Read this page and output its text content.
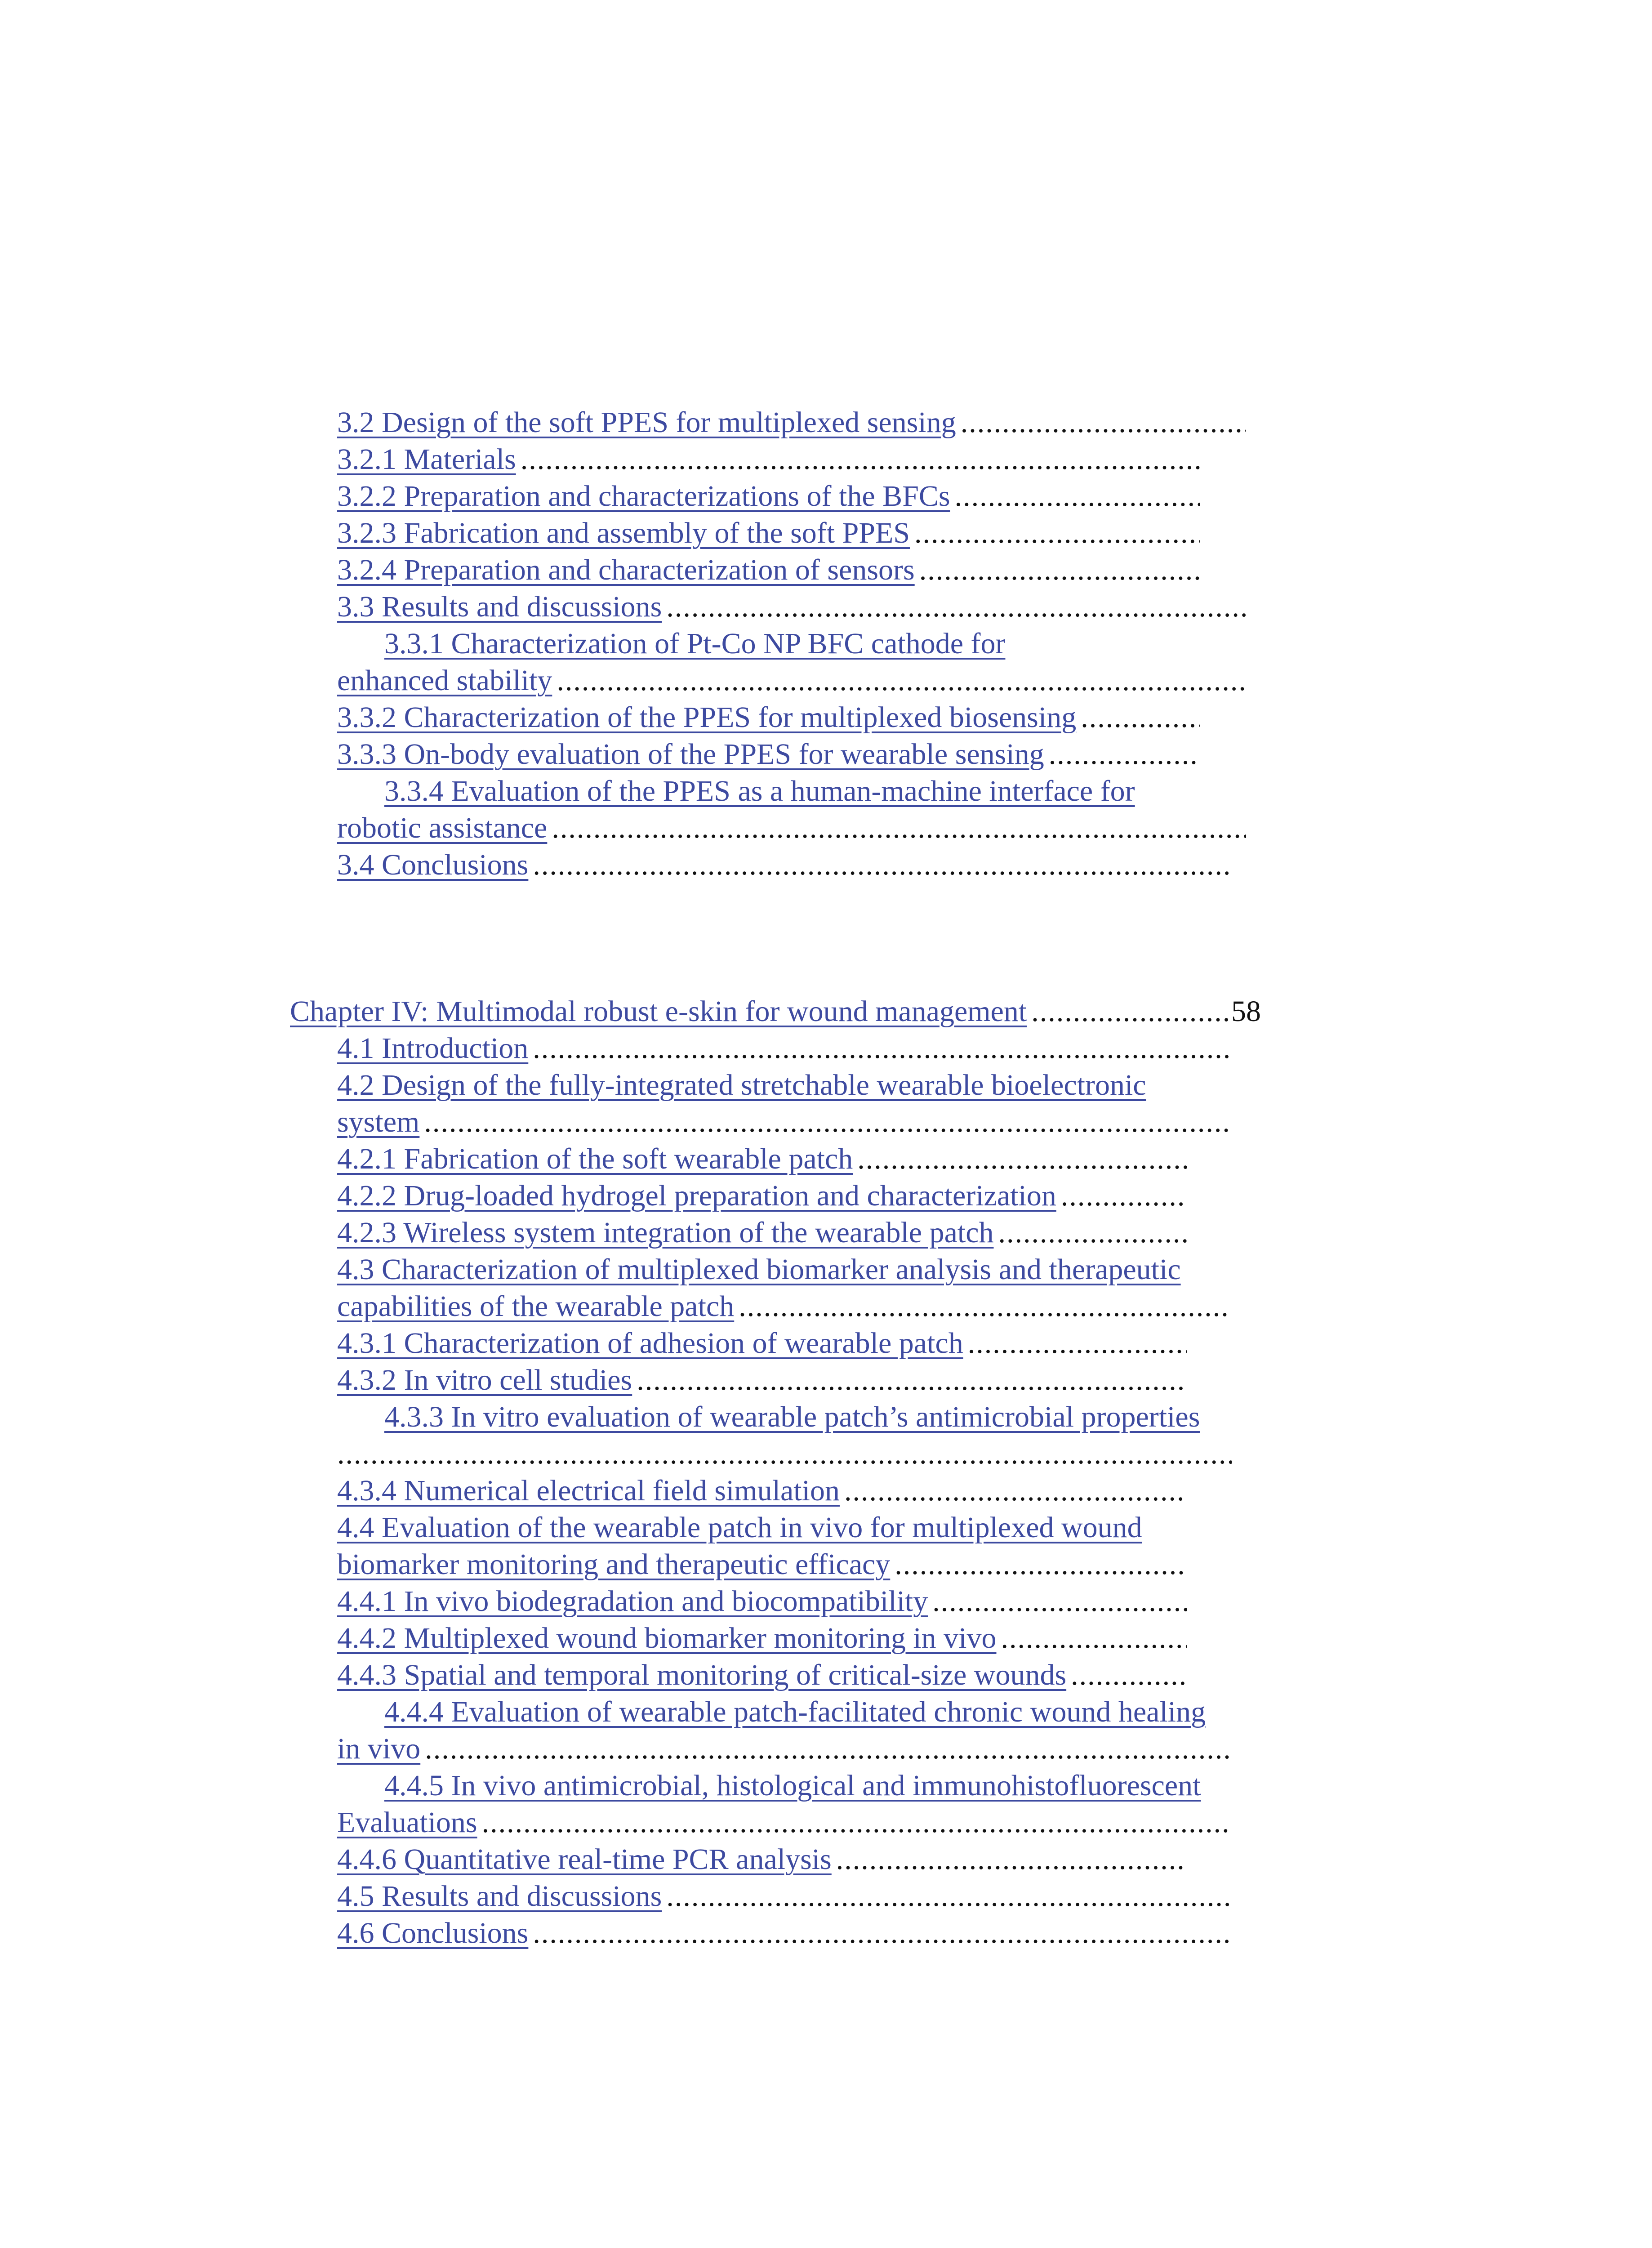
3.2 Design of the soft PPES for multiplexed sensing
.....
3.2.1 Materials
.....
3.2.2 Preparation and characterizations of the BFCs
.....
3.2.3 Fabrication and assembly of the soft PPES
.....
3.2.4 Preparation and characterization of sensors
.....
3.3 Results and discussions
.....
3.3.1 Characterization of Pt-Co NP BFC cathode for
enhanced stability
.....
3.3.2 Characterization of the PPES for multiplexed biosensing
.....
3.3.3 On-body evaluation of the PPES for wearable sensing
.....
3.3.4 Evaluation of the PPES as a human-machine interface for
robotic assistance
.....
3.4 Conclusions
.....
Chapter IV: Multimodal robust e-skin for wound management
.....	58
4.1 Introduction
.....
4.2 Design of the fully-integrated stretchable wearable bioelectronic
system
.....
4.2.1 Fabrication of the soft wearable patch
.....
4.2.2 Drug-loaded hydrogel preparation and characterization
.....
4.2.3 Wireless system integration of the wearable patch
.....
4.3 Characterization of multiplexed biomarker analysis and therapeutic
capabilities of the wearable patch
.....
4.3.1 Characterization of adhesion of wearable patch
.....
4.3.2 In vitro cell studies
.....
4.3.3 In vitro evaluation of wearable patch’s antimicrobial properties
.....
4.3.4 Numerical electrical field simulation
.....
4.4 Evaluation of the wearable patch in vivo for multiplexed wound
biomarker monitoring and therapeutic efficacy
.....
4.4.1 In vivo biodegradation and biocompatibility
.....
4.4.2 Multiplexed wound biomarker monitoring in vivo
.....
4.4.3 Spatial and temporal monitoring of critical-size wounds
.....
4.4.4 Evaluation of wearable patch-facilitated chronic wound healing
in vivo
.....
4.4.5 In vivo antimicrobial, histological and immunohistofluorescent
Evaluations
.....
4.4.6 Quantitative real-time PCR analysis
.....
4.5 Results and discussions
.....
4.6 Conclusions
.....
